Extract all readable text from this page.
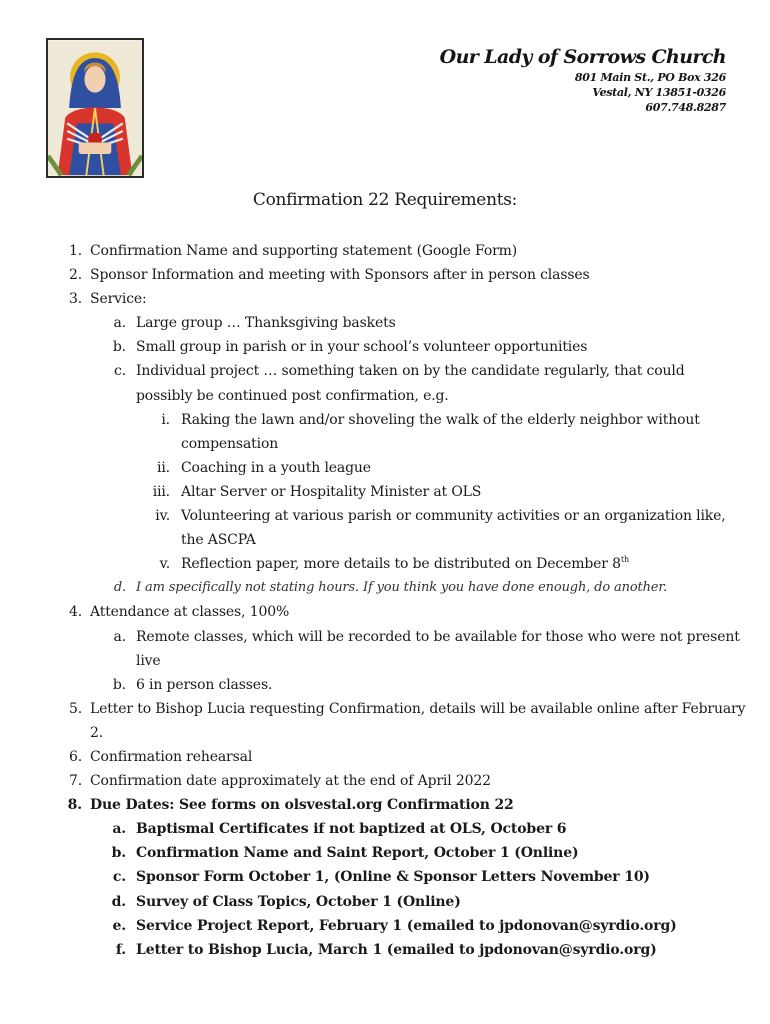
Our Lady of Sorrows Church
801 Main St., PO Box 326
Vestal, NY 13851-0326
607.748.8287
Confirmation 22 Requirements:
1. Confirmation Name and supporting statement (Google Form)
2. Sponsor Information and meeting with Sponsors after in person classes
3. Service:
a. Large group … Thanksgiving baskets
b. Small group in parish or in your school’s volunteer opportunities
c. Individual project … something taken on by the candidate regularly, that could
possibly be continued post confirmation, e.g.
i. Raking the lawn and/or shoveling the walk of the elderly neighbor without
compensation
ii. Coaching in a youth league
iii. Altar Server or Hospitality Minister at OLS
iv. Volunteering at various parish or community activities or an organization like,
the ASCPA
v. Reflection paper, more details to be distributed on December 8th
d. I am specifically not stating hours. If you think you have done enough, do another.
4. Attendance at classes, 100%
a. Remote classes, which will be recorded to be available for those who were not present
live
b. 6 in person classes.
5. Letter to Bishop Lucia requesting Confirmation, details will be available online after February
2.
6. Confirmation rehearsal
7. Confirmation date approximately at the end of April 2022
8. Due Dates: See forms on olsvestal.org Confirmation 22
a. Baptismal Certificates if not baptized at OLS, October 6
b. Confirmation Name and Saint Report, October 1 (Online)
c. Sponsor Form October 1, (Online & Sponsor Letters November 10)
d. Survey of Class Topics, October 1 (Online)
e. Service Project Report, February 1 (emailed to jpdonovan@syrdio.org)
f. Letter to Bishop Lucia, March 1 (emailed to jpdonovan@syrdio.org)
